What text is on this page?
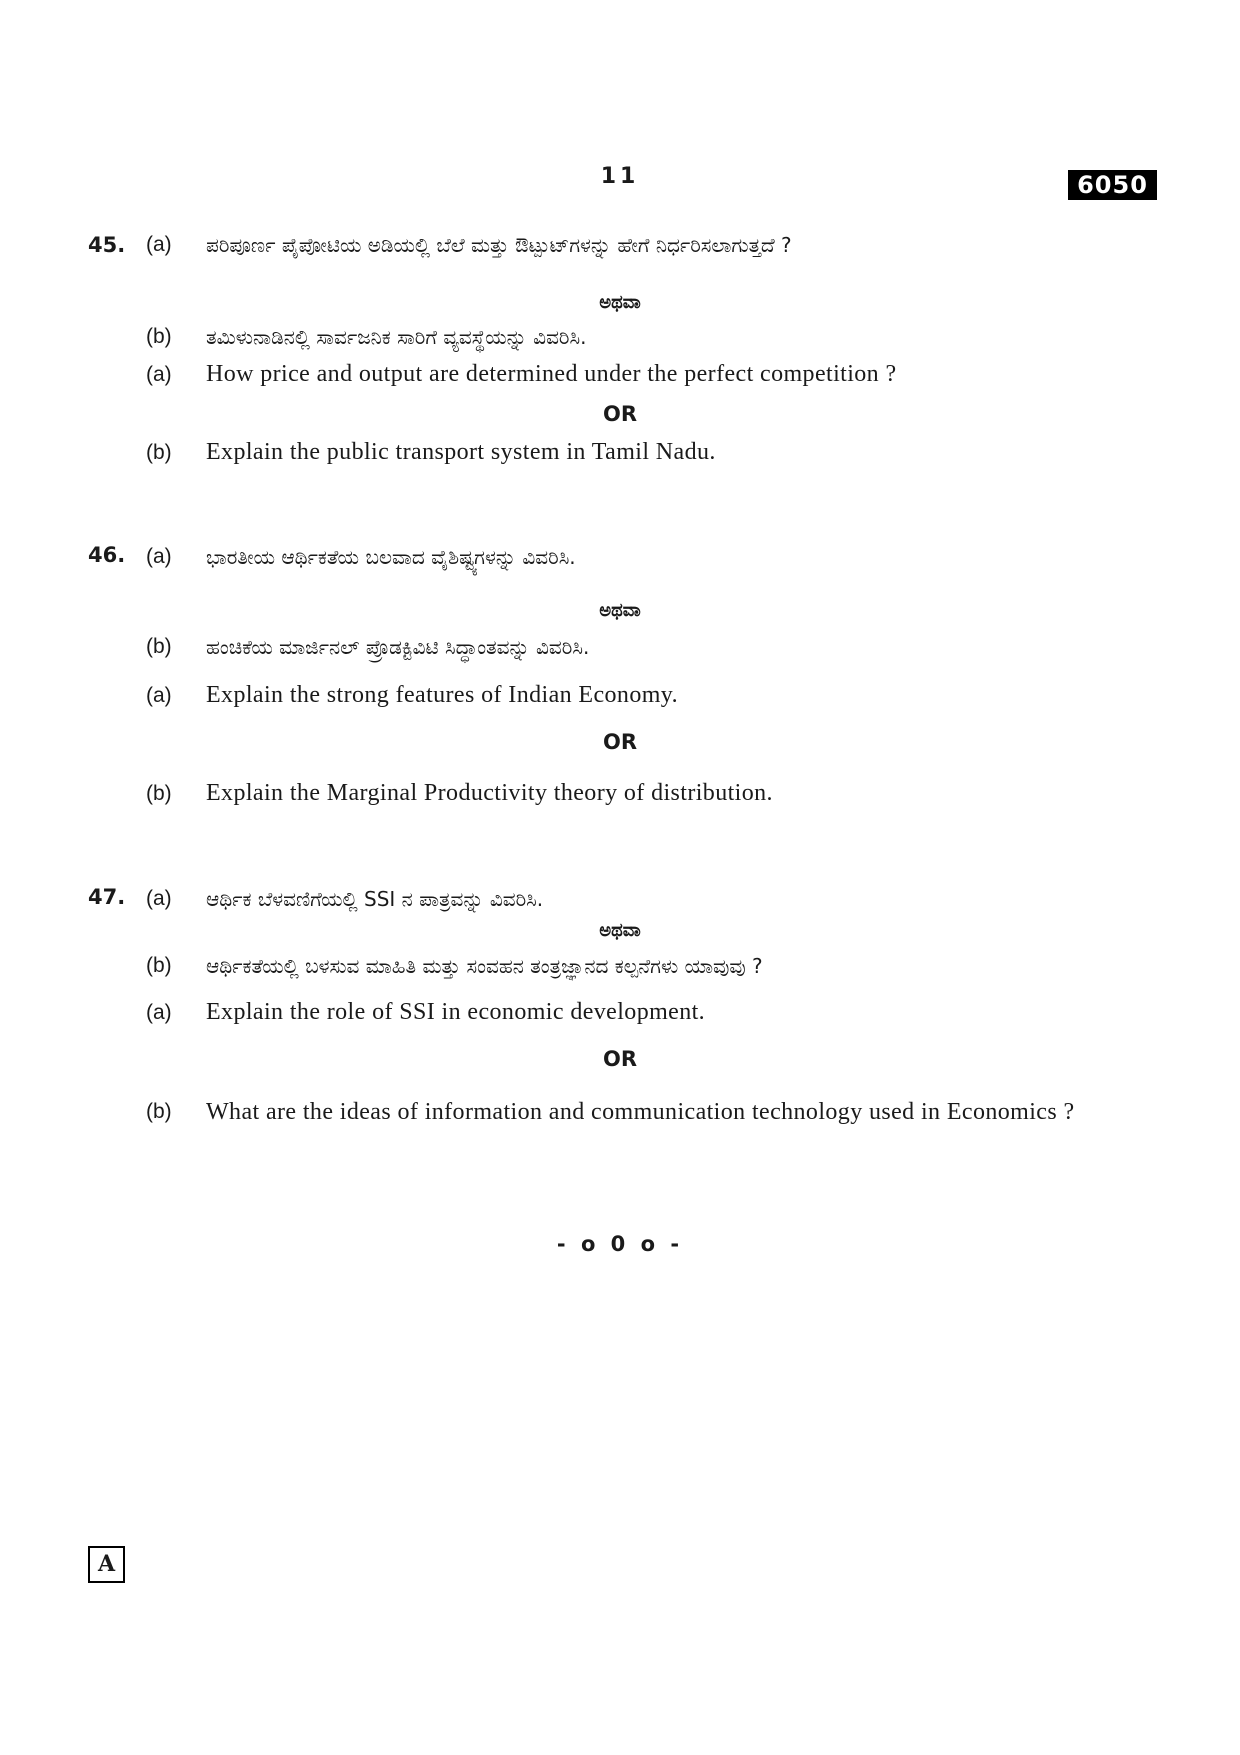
11	6050
45. (a) ಪರಿಪೂರ್ಣ ಪೈಪೋಟಿಯ ಅಡಿಯಲ್ಲಿ ಬೆಲೆ ಮತ್ತು ಔಟ್ಪುಟ್‌ಗಳನ್ನು ಹೇಗೆ ನಿರ್ಧರಿಸಲಾಗುತ್ತದೆ ?
ಅಥವಾ
(b) ತಮಿಳುನಾಡಿನಲ್ಲಿ ಸಾರ್ವಜನಿಕ ಸಾರಿಗೆ ವ್ಯವಸ್ಥೆಯನ್ನು ವಿವರಿಸಿ.
(a) How price and output are determined under the perfect competition ?
OR
(b) Explain the public transport system in Tamil Nadu.
46. (a) ಭಾರತೀಯ ಆರ್ಥಿಕತೆಯ ಬಲವಾದ ವೈಶಿಷ್ಟ್ಯಗಳನ್ನು ವಿವರಿಸಿ.
ಅಥವಾ
(b) ಹಂಚಿಕೆಯ ಮಾರ್ಜಿನಲ್ ಪ್ರೊಡಕ್ಟಿವಿಟಿ ಸಿದ್ಧಾಂತವನ್ನು ವಿವರಿಸಿ.
(a) Explain the strong features of Indian Economy.
OR
(b) Explain the Marginal Productivity theory of distribution.
47. (a) ಆರ್ಥಿಕ ಬೆಳವಣಿಗೆಯಲ್ಲಿ SSI ನ ಪಾತ್ರವನ್ನು ವಿವರಿಸಿ.
ಅಥವಾ
(b) ಆರ್ಥಿಕತೆಯಲ್ಲಿ ಬಳಸುವ ಮಾಹಿತಿ ಮತ್ತು ಸಂವಹನ ತಂತ್ರಜ್ಞಾನದ ಕಲ್ಪನೆಗಳು ಯಾವುವು ?
(a) Explain the role of SSI in economic development.
OR
(b) What are the ideas of information and communication technology used in Economics ?
- o 0 o -
A
